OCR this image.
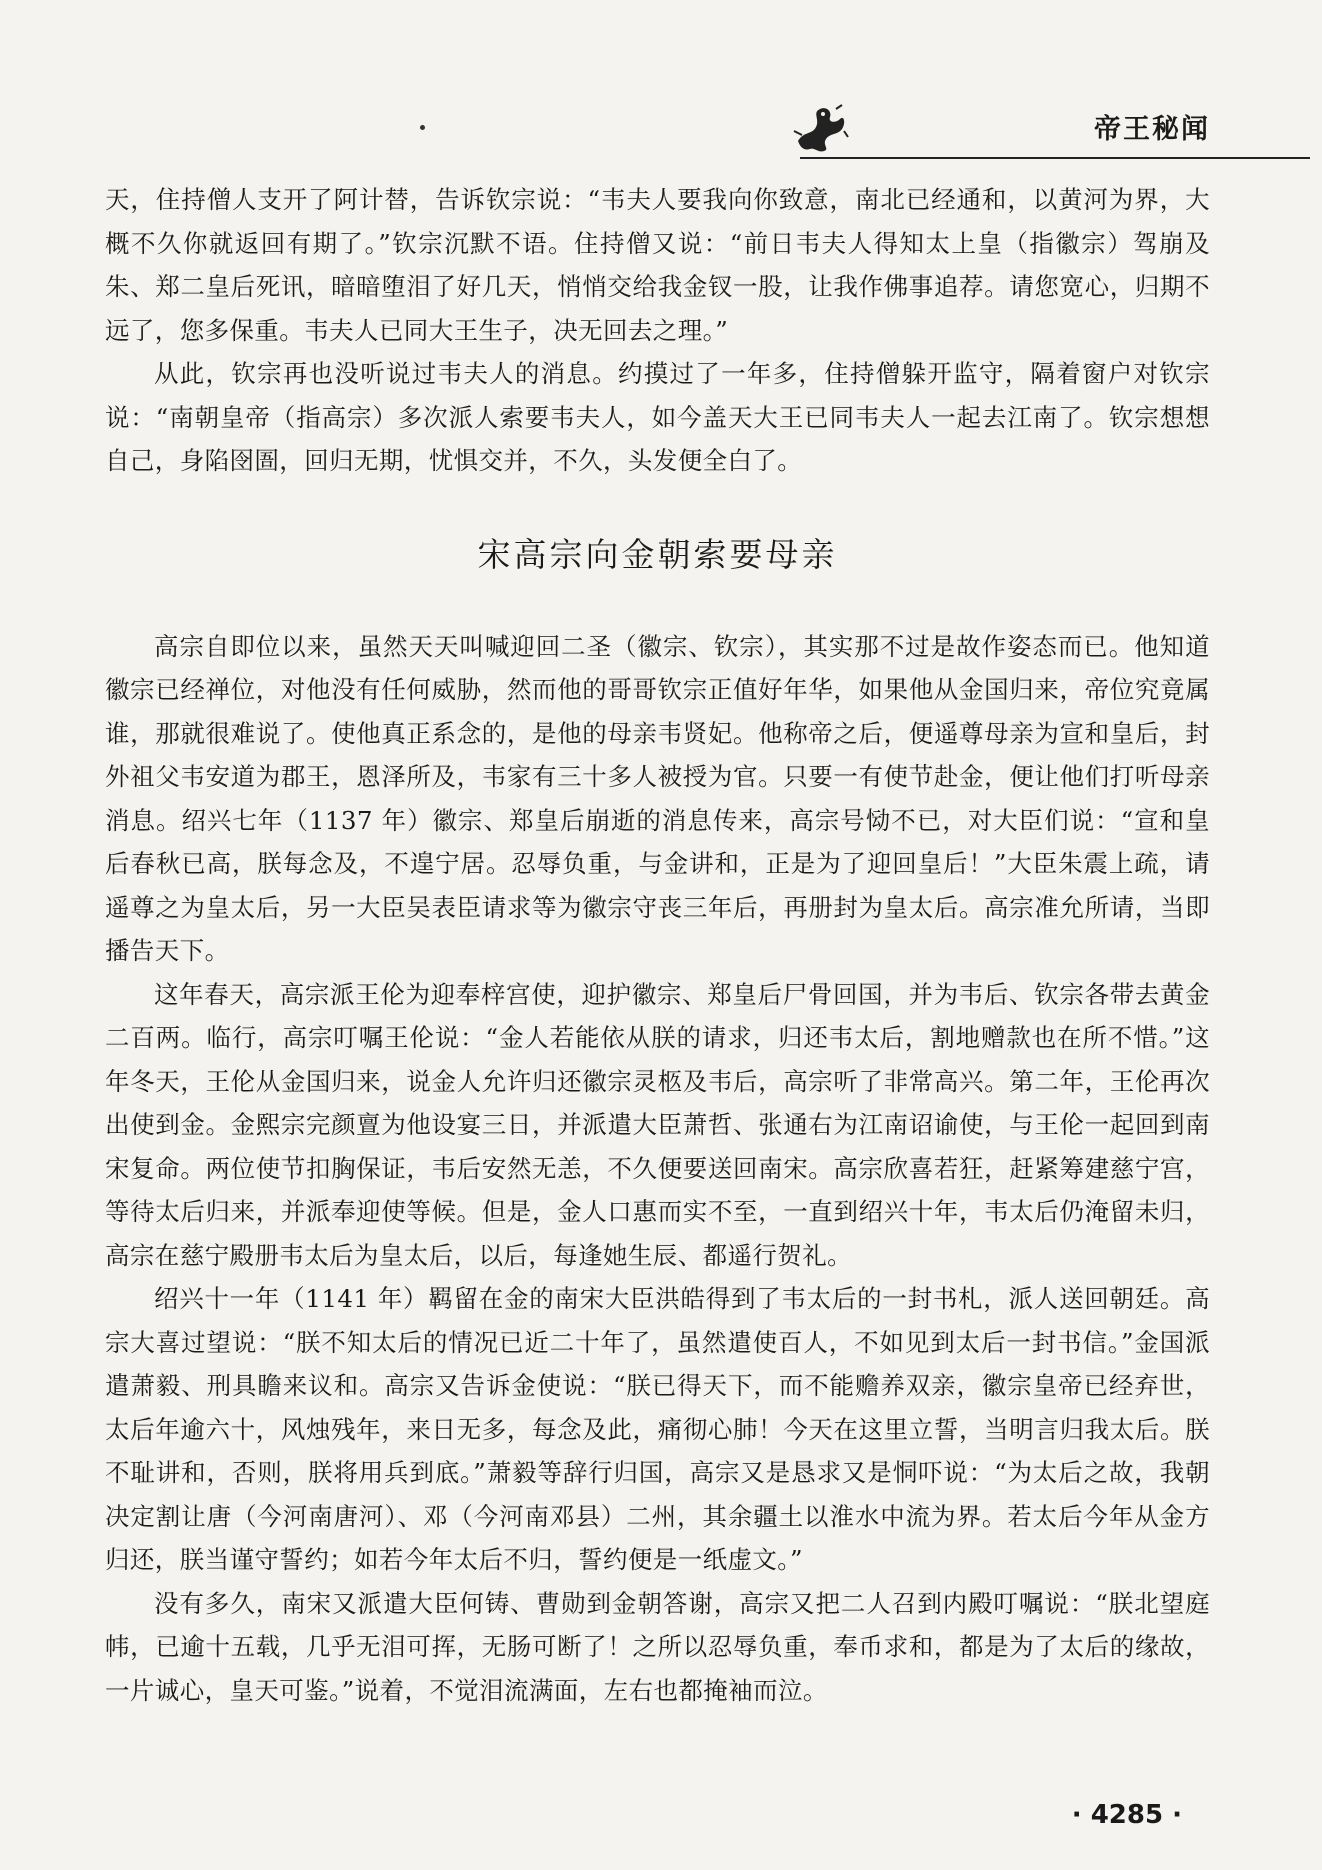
帝王秘闻

天，住持僧人支开了阿计替，告诉钦宗说：“韦夫人要我向你致意，南北已经通和，以黄河为界，大概不久你就返回有期了。”钦宗沉默不语。住持僧又说：“前日韦夫人得知太上皇（指徽宗）驾崩及朱、郑二皇后死讯，暗暗堕泪了好几天，悄悄交给我金钗一股，让我作佛事追荐。请您宽心，归期不远了，您多保重。韦夫人已同大王生子，决无回去之理。”

从此，钦宗再也没听说过韦夫人的消息。约摸过了一年多，住持僧躲开监守，隔着窗户对钦宗说：“南朝皇帝（指高宗）多次派人索要韦夫人，如今盖天大王已同韦夫人一起去江南了。钦宗想想自己，身陷囹圄，回归无期，忧惧交并，不久，头发便全白了。

宋高宗向金朝索要母亲

高宗自即位以来，虽然天天叫喊迎回二圣（徽宗、钦宗），其实那不过是故作姿态而已。他知道徽宗已经禅位，对他没有任何威胁，然而他的哥哥钦宗正值好年华，如果他从金国归来，帝位究竟属谁，那就很难说了。使他真正系念的，是他的母亲韦贤妃。他称帝之后，便遥尊母亲为宣和皇后，封外祖父韦安道为郡王，恩泽所及，韦家有三十多人被授为官。只要一有使节赴金，便让他们打听母亲消息。绍兴七年（1137 年）徽宗、郑皇后崩逝的消息传来，高宗号恸不已，对大臣们说：“宣和皇后春秋已高，朕每念及，不遑宁居。忍辱负重，与金讲和，正是为了迎回皇后！”大臣朱震上疏，请遥尊之为皇太后，另一大臣吴表臣请求等为徽宗守丧三年后，再册封为皇太后。高宗准允所请，当即播告天下。

这年春天，高宗派王伦为迎奉梓宫使，迎护徽宗、郑皇后尸骨回国，并为韦后、钦宗各带去黄金二百两。临行，高宗叮嘱王伦说：“金人若能依从朕的请求，归还韦太后，割地赠款也在所不惜。”这年冬天，王伦从金国归来，说金人允许归还徽宗灵柩及韦后，高宗听了非常高兴。第二年，王伦再次出使到金。金熙宗完颜亶为他设宴三日，并派遣大臣萧哲、张通右为江南诏谕使，与王伦一起回到南宋复命。两位使节扣胸保证，韦后安然无恙，不久便要送回南宋。高宗欣喜若狂，赶紧筹建慈宁宫，等待太后归来，并派奉迎使等候。但是，金人口惠而实不至，一直到绍兴十年，韦太后仍淹留未归，高宗在慈宁殿册韦太后为皇太后，以后，每逢她生辰、都遥行贺礼。

绍兴十一年（1141 年）羁留在金的南宋大臣洪皓得到了韦太后的一封书札，派人送回朝廷。高宗大喜过望说：“朕不知太后的情况已近二十年了，虽然遣使百人，不如见到太后一封书信。”金国派遣萧毅、刑具瞻来议和。高宗又告诉金使说：“朕已得天下，而不能赡养双亲，徽宗皇帝已经弃世，太后年逾六十，风烛残年，来日无多，每念及此，痛彻心肺！今天在这里立誓，当明言归我太后。朕不耻讲和，否则，朕将用兵到底。”萧毅等辞行归国，高宗又是恳求又是恫吓说：“为太后之故，我朝决定割让唐（今河南唐河）、邓（今河南邓县）二州，其余疆土以淮水中流为界。若太后今年从金方归还，朕当谨守誓约；如若今年太后不归，誓约便是一纸虚文。”

没有多久，南宋又派遣大臣何铸、曹勋到金朝答谢，高宗又把二人召到内殿叮嘱说：“朕北望庭帏，已逾十五载，几乎无泪可挥，无肠可断了！之所以忍辱负重，奉币求和，都是为了太后的缘故，一片诚心，皇天可鉴。”说着，不觉泪流满面，左右也都掩袖而泣。

· 4285 ·
